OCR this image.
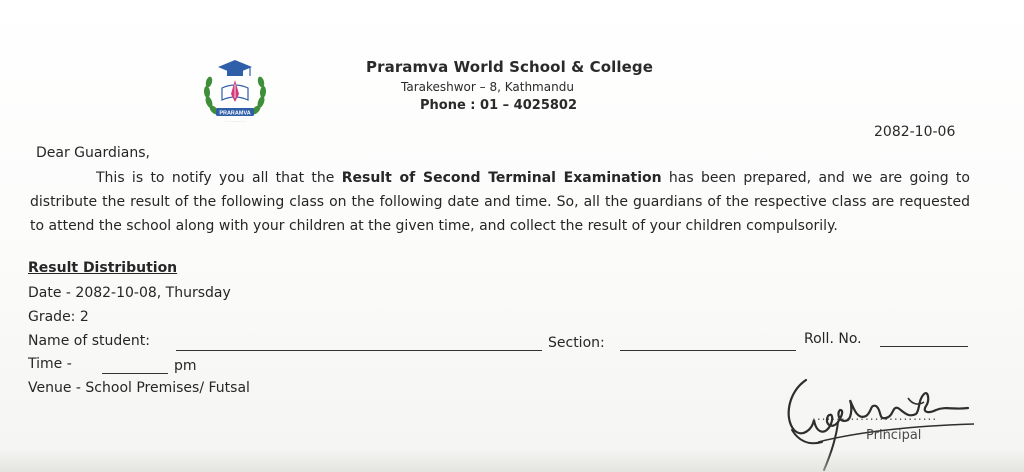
PRARAMVA
·····················
Praramva World School & College
Tarakeshwor – 8, Kathmandu
Phone : 01 – 4025802
2082-10-06
Dear Guardians,
This is to notify you all that the Result of Second Terminal Examination has been prepared, and we are going to distribute the result of the following class on the following date and time. So, all the guardians of the respective class are requested to attend the school along with your children at the given time, and collect the result of your children compulsorily.
Result Distribution
Date - 2082-10-08, Thursday
Grade: 2
Name of student:	Section:	Roll. No.
Time -	pm
Venue - School Premises/ Futsal
..........................
Principal
